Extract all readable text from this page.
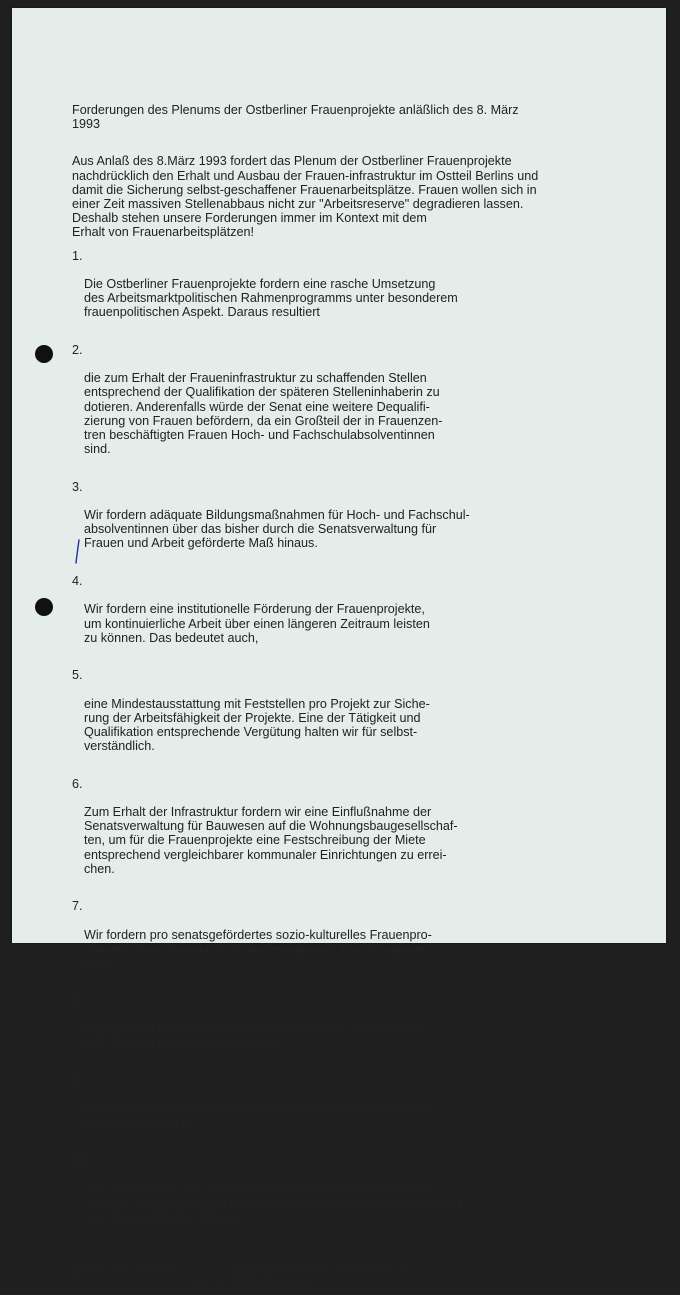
Forderungen des Plenums der Ostberliner Frauenprojekte anläßlich des 8. März
1993

Aus Anlaß des 8.März 1993 fordert das Plenum der Ostberliner Frauenprojekte
nachdrücklich den Erhalt und Ausbau der Frauen-infrastruktur im Ostteil Berlins und
damit die Sicherung selbst-geschaffener Frauenarbeitsplätze. Frauen wollen sich in
einer Zeit massiven Stellenabbaus nicht zur "Arbeitsreserve" degradieren lassen.
Deshalb stehen unsere Forderungen immer im Kontext mit dem
Erhalt von Frauenarbeitsplätzen!

1.

Die Ostberliner Frauenprojekte fordern eine rasche Umsetzung
des Arbeitsmarktpolitischen Rahmenprogramms unter besonderem
frauenpolitischen Aspekt. Daraus resultiert

2.

die zum Erhalt der Fraueninfrastruktur zu schaffenden Stellen
entsprechend der Qualifikation der späteren Stelleninhaberin zu
dotieren. Anderenfalls würde der Senat eine weitere Dequalifi-
zierung von Frauen befördern, da ein Großteil der in Frauenzen-
tren beschäftigten Frauen Hoch- und Fachschulabsolventinnen
sind.

3.

Wir fordern adäquate Bildungsmaßnahmen für Hoch- und Fachschul-
absolventinnen über das bisher durch die Senatsverwaltung für
Frauen und Arbeit geförderte Maß hinaus.

4.

Wir fordern eine institutionelle Förderung der Frauenprojekte,
um kontinuierliche Arbeit über einen längeren Zeitraum leisten
zu können. Das bedeutet auch,

5.

eine Mindestausstattung mit Feststellen pro Projekt zur Siche-
rung der Arbeitsfähigkeit der Projekte. Eine der Tätigkeit und
Qualifikation entsprechende Vergütung halten wir für selbst-
verständlich.

6.

Zum Erhalt der Infrastruktur fordern wir eine Einflußnahme der
Senatsverwaltung für Bauwesen auf die Wohnungsbaugesellschaf-
ten, um für die Frauenprojekte eine Festschreibung der Miete
entsprechend vergleichbarer kommunaler Einrichtungen zu errei-
chen.

7.

Wir fordern pro senatsgefördertes sozio-kulturelles Frauenpro-
jekt und Gewaltprojekt die Finanzierung einer Psychologinnen-
stelle.

8.

Desweiteren fordern wir Künstlerinnenhonorare für soziokultu-
relle Frauenprojekte bereitzustellen.

9.

Wir fordern den Erhalt des Frauensenats über die jetzige Legis-
laturperiode hinaus.

10.

Wir fordern von den verantwortlichen Politikerinnen die konse-
quente Umsetzung des Landesantidiskriminierungsgesetzes bis hin
auf die bezirklichen Ebenen.

Berlin, den 24.2.93	Claudia Buckwar, Wirkstoff e.V.
für 15 POP-Projekte
